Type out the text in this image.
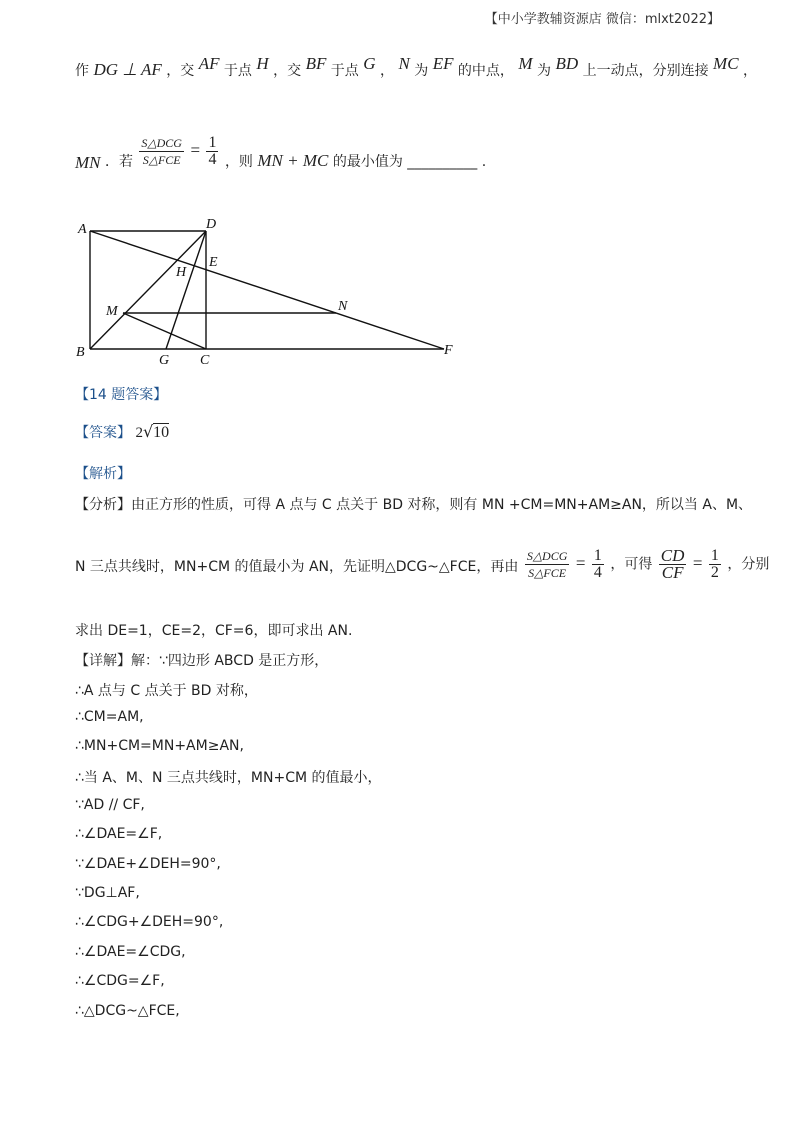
【中小学教辅资源店 微信：mlxt2022】
作 DG ⊥ AF ，交 AF 于点 H ，交 BF 于点 G ， N 为 EF 的中点， M 为 BD 上一动点，分别连接 MC ，
MN ．若 $\frac{\text{S△DCG}}{\text{S△FCE}} = \frac{1}{4}$ ，则 MN + MC 的最小值为 __________ .
A	D
H
E
M	N
B
G C
F
【14 题答案】
【答案】 2√10
【解析】
【分析】由正方形的性质，可得 A 点与 C 点关于 BD 对称，则有 MN +CM=MN+AM≥AN，所以当 A、M、
N 三点共线时，MN+CM 的值最小为 AN，先证明△DCG~△FCE，再由 $\frac{\text{S△DCG}}{\text{S△FCE}} = \frac{1}{4}$ ，可得 $\frac{CD}{CF} = \frac{1}{2}$ ，分别
求出 DE=1，CE=2，CF=6，即可求出 AN.
【详解】解：∵四边形 ABCD 是正方形，
∴A 点与 C 点关于 BD 对称，
∴CM=AM,
∴MN+CM=MN+AM≥AN,
∴当 A、M、N 三点共线时，MN+CM 的值最小，
∵AD // CF,
∴∠DAE=∠F,
∵∠DAE+∠DEH=90°,
∵DG⊥AF,
∴∠CDG+∠DEH=90°,
∴∠DAE=∠CDG,
∴∠CDG=∠F,
∴△DCG~△FCE,
